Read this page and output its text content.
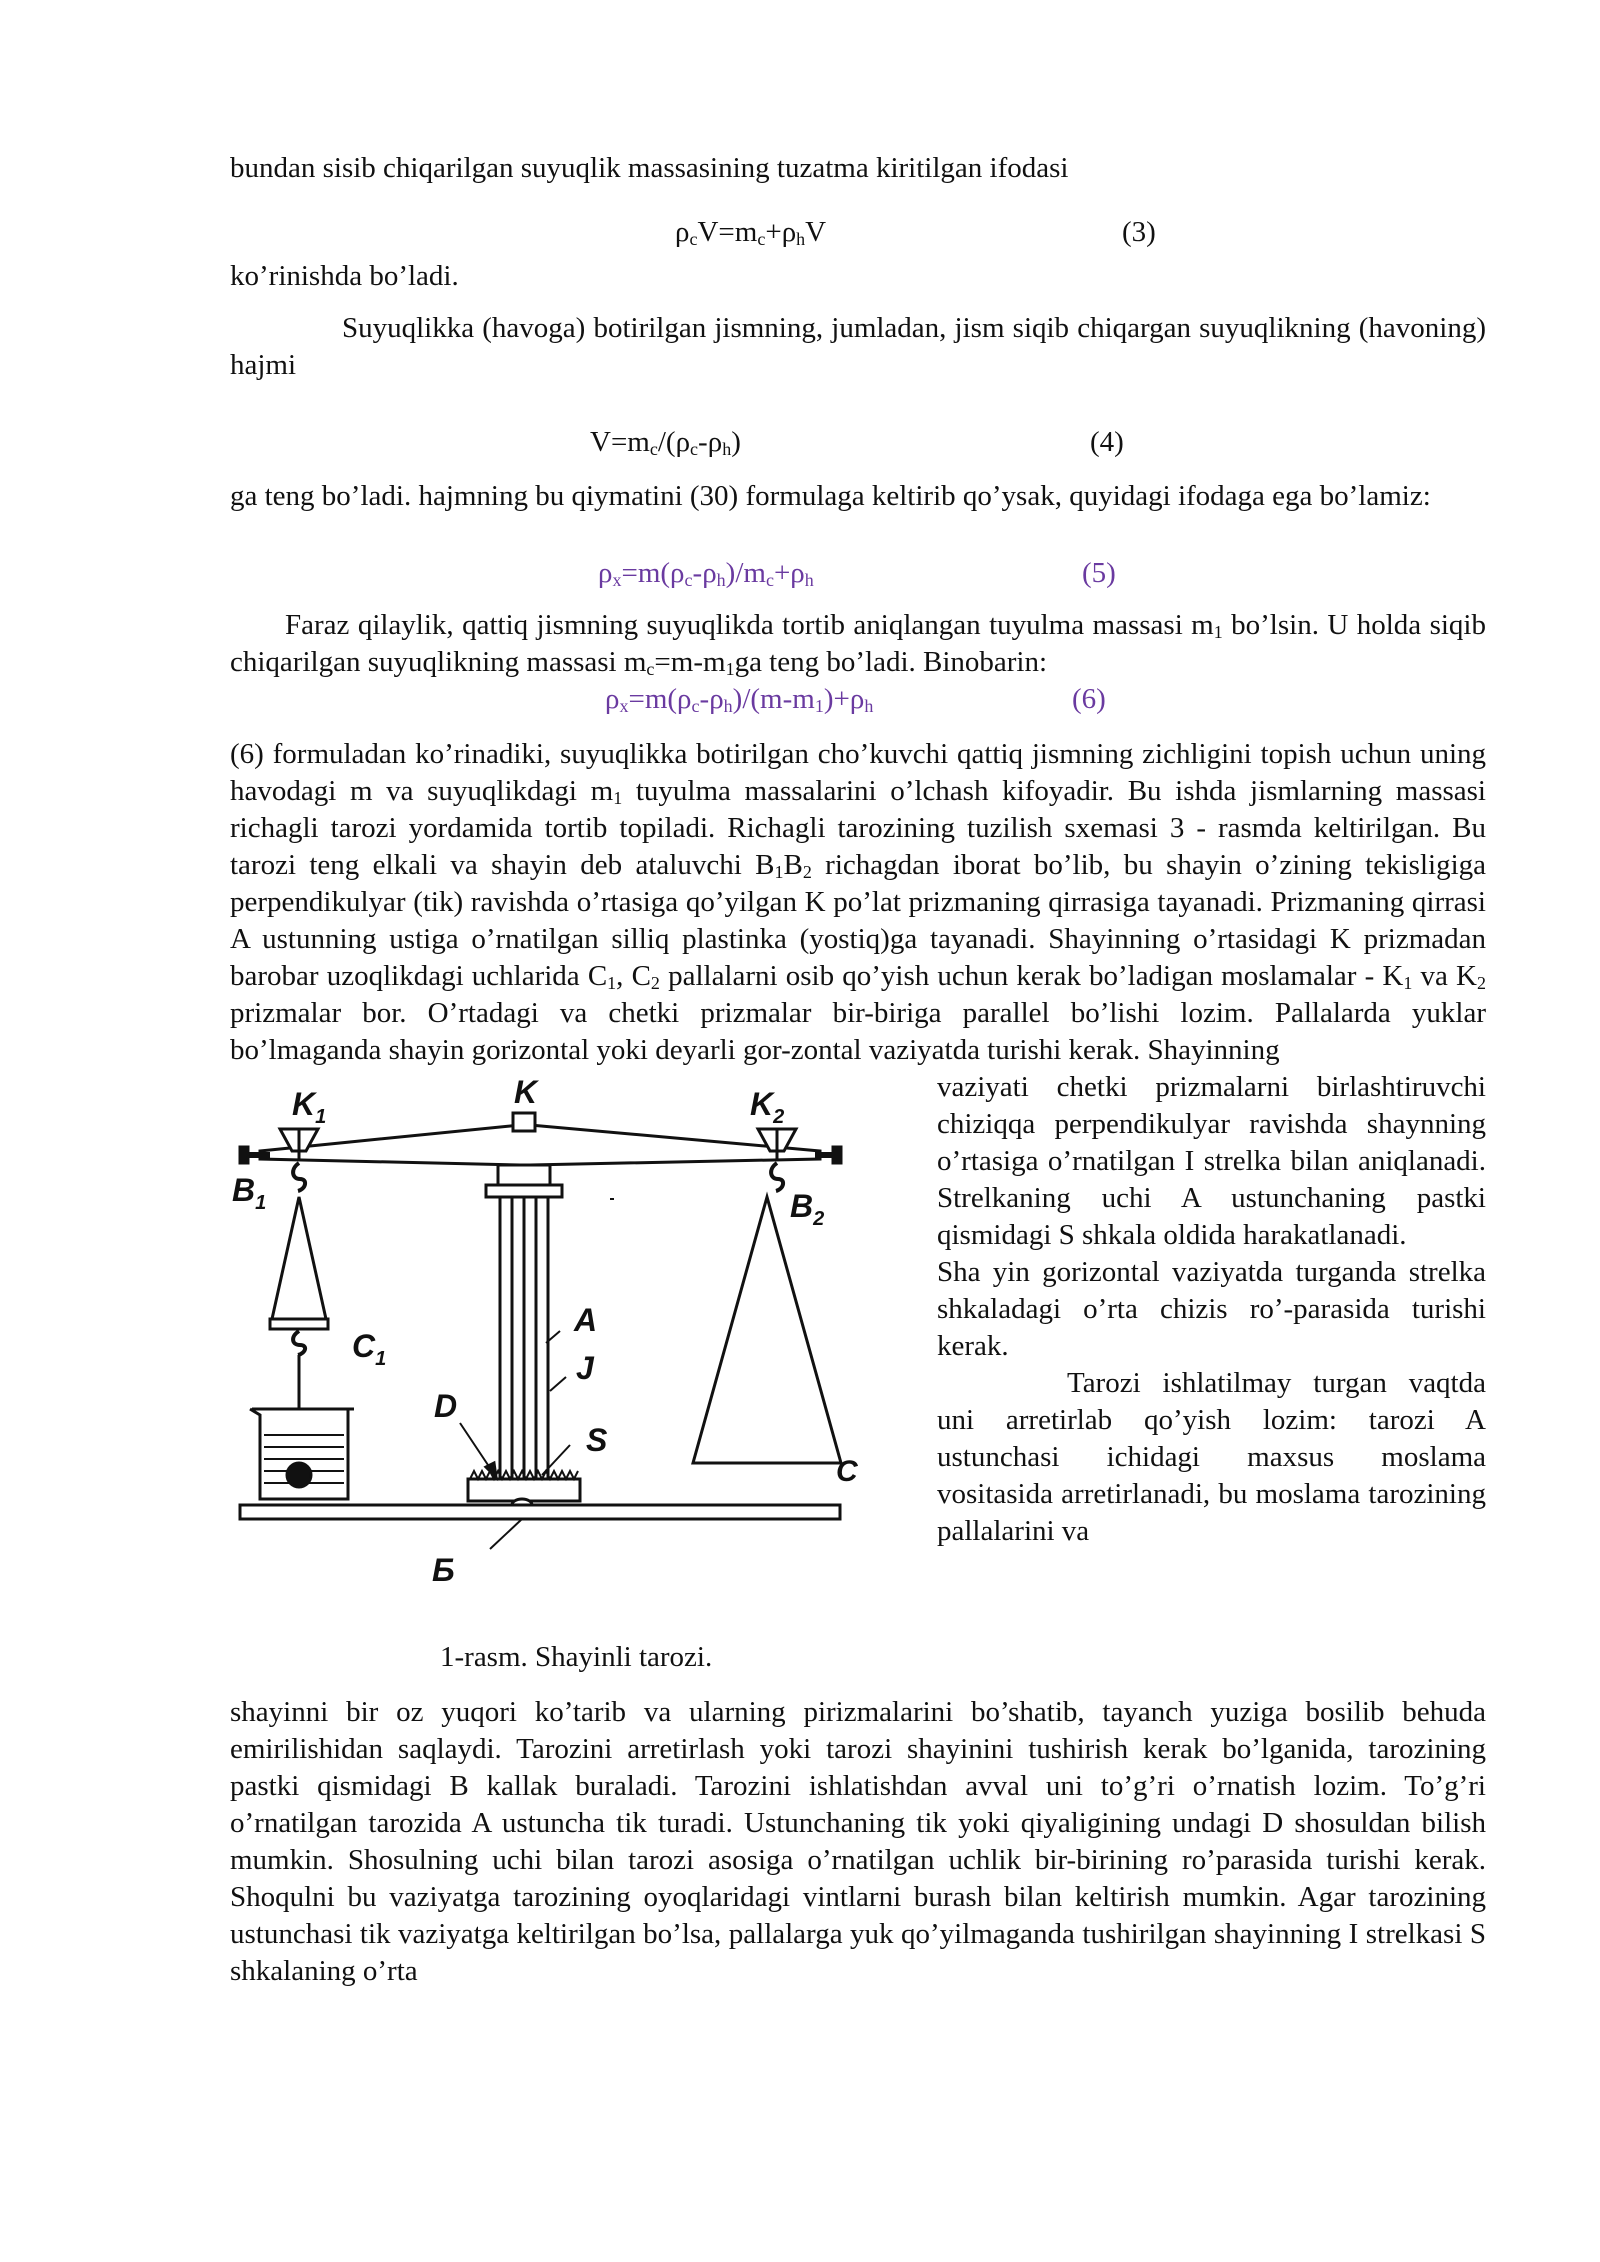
bundan sisib chiqarilgan suyuqlik massasining tuzatma kiritilgan ifodasi

$\rho_cV=m_c+\rho_hV$	(3)

ko’rinishda bo’ladi.

Suyuqlikka (havoga) botirilgan jismning, jumladan, jism siqib chiqargan suyuqlikning (havoning) hajmi

$V=m_c/(\rho_c-\rho_h)$	(4)

ga teng bo’ladi. hajmning bu qiymatini (30) formulaga keltirib qo’ysak, quyidagi ifodaga ega bo’lamiz:

$\rho_x=m(\rho_c-\rho_h)/m_c+\rho_h$	(5)

Faraz qilaylik, qattiq jismning suyuqlikda tortib aniqlangan tuyulma massasi $m_1$ bo’lsin. U holda siqib chiqarilgan suyuqlikning massasi $m_c=m-m_1ga$ teng bo’ladi. Binobarin:

$\rho_x=m(\rho_c-\rho_h)/(m-m_1)+\rho_h$	(6)

(6) formuladan ko’rinadiki, suyuqlikka botirilgan cho’kuvchi qattiq jismning zichligini topish uchun uning havodagi m va suyuqlikdagi $m_1$ tuyulma massalarini o’lchash kifoyadir. Bu ishda jismlarning massasi richagli tarozi yordamida tortib topiladi. Richagli tarozining tuzilish sxemasi 3 - rasmda keltirilgan. Bu tarozi teng elkali va shayin deb ataluvchi $B_1B_2$ richagdan iborat bo’lib, bu shayin o’zining tekisligiga perpendikulyar (tik) ravishda o’rtasiga qo’yilgan K po’lat prizmaning qirrasiga tayanadi. Prizmaning qirrasi A ustunning ustiga o’rnatilgan silliq plastinka (yostiq)ga tayanadi. Shayinning o’rtasidagi K prizmadan barobar uzoqlikdagi uchlarida $C_1$, $C_2$ pallalarni osib qo’yish uchun kerak bo’ladigan moslamalar - $K_1$ va $K_2$ prizmalar bor. O’rtadagi va chetki prizmalar bir-biriga parallel bo’lishi lozim. Pallalarda yuklar bo’lmaganda shayin gorizontal yoki deyarli gor-zontal vaziyatda turishi kerak. Shayinning

$K_1$
K	$K_2$
$B_1$	$B_2$
$C_1$
C
A
J
D
S
Б
1-rasm. Shayinli tarozi.

vaziyati chetki prizmalarni birlashtiruvchi chiziqqa perpendikulyar ravishda shaynning o’rtasiga o’rnatilgan I strelka bilan aniqlanadi. Strelkaning uchi A ustunchaning pastki qismidagi S shkala oldida harakatlanadi.

Sha yin gorizontal vaziyatda turganda strelka shkaladagi o’rta chizis ro’-parasida turishi kerak.

Tarozi ishlatilmay turgan vaqtda uni arretirlab qo’yish lozim: tarozi A ustunchasi ichidagi maxsus moslama vositasida arretirlanadi, bu moslama tarozining pallalarini va

shayinni bir oz yuqori ko’tarib va ularning pirizmalarini bo’shatib, tayanch yuziga bosilib behuda emirilishidan saqlaydi. Tarozini arretirlash yoki tarozi shayinini tushirish kerak bo’lganida, tarozining pastki qismidagi B kallak buraladi. Tarozini ishlatishdan avval uni to’g’ri o’rnatish lozim. To’g’ri o’rnatilgan tarozida A ustuncha tik turadi. Ustunchaning tik yoki qiyaligining undagi D shosuldan bilish mumkin. Shosulning uchi bilan tarozi asosiga o’rnatilgan uchlik bir-birining ro’parasida turishi kerak. Shoqulni bu vaziyatga tarozining oyoqlaridagi vintlarni burash bilan keltirish mumkin. Agar tarozining ustunchasi tik vaziyatga keltirilgan bo’lsa, pallalarga yuk qo’yilmaganda tushirilgan shayinning I strelkasi S shkalaning o’rta
